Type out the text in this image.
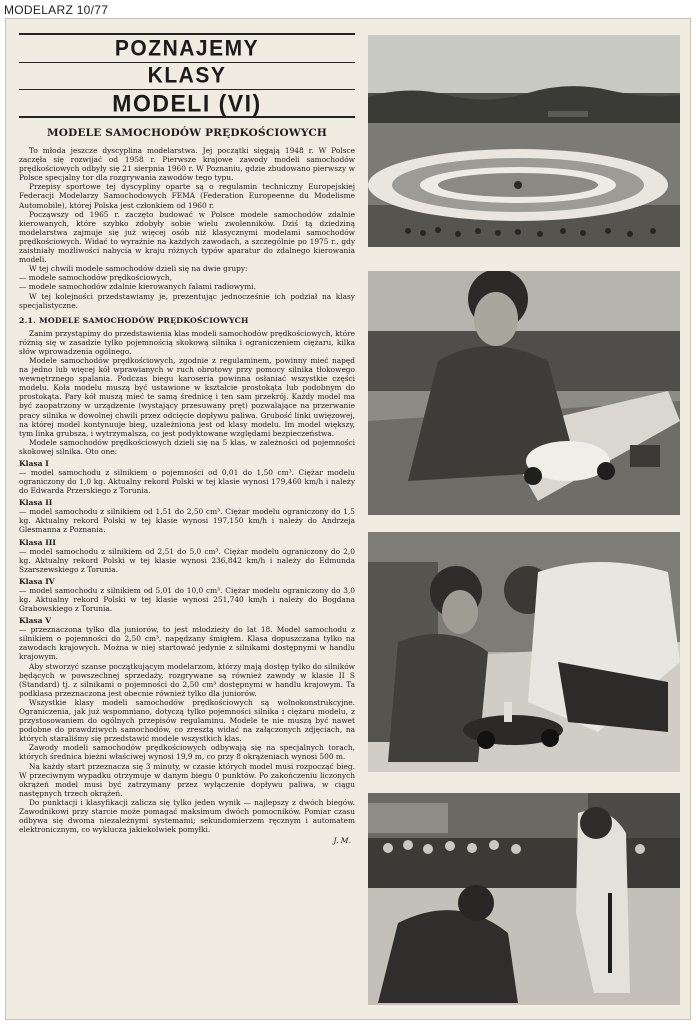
MODELARZ 10/77
POZNAJEMY
KLASY
MODELI (VI)
MODELE SAMOCHODÓW PRĘDKOŚCIOWYCH

To młoda jeszcze dyscyplina modelarstwa. Jej początki sięgają 1948 r. W Polsce zaczęła się rozwijać od 1958 r. Pierwsze krajowe zawody modeli samochodów prędkościowych odbyły się 21 sierpnia 1960 r. W Poznaniu, gdzie zbudowano pierwszy w Polsce specjalny tor dla rozgrywania zawodów tego typu.

Przepisy sportowe tej dyscypliny oparte są o regulamin techniczny Europejskiej Federacji Modelarzy Samochodowych FEMA (Federation Europeenne du Modelisme Automobile), której Polska jest członkiem od 1960 r.

Począwszy od 1965 r. zaczęto budować w Polsce modele samochodów zdalnie kierowanych, które szybko zdobyły sobie wielu zwolenników. Dziś tą dziedziną modelarstwa zajmuje się już więcej osób niż klasycznymi modelami samochodów prędkościowych. Widać to wyraźnie na każdych zawodach, a szczególnie po 1975 r., gdy zaistniały możliwości nabycia w kraju różnych typów aparatur do zdalnego kierowania modeli.

W tej chwili modele samochodów dzieli się na dwie grupy:

— modele samochodów prędkościowych,

— modele samochodów zdalnie kierowanych falami radiowymi.

W tej kolejności przedstawiamy je, prezentując jednocześnie ich podział na klasy specjalistyczne.

2.1. MODELE SAMOCHODÓW PRĘDKOŚCIOWYCH

Zanim przystąpimy do przedstawienia klas modeli samochodów prędkościowych, które różnią się w zasadzie tylko pojemnością skokową silnika i ograniczeniem ciężaru, kilka słów wprowadzenia ogólnego.

Modele samochodów prędkościowych, zgodnie z regulaminem, powinny mieć napęd na jedno lub więcej kół wprawianych w ruch obrotowy przy pomocy silnika tłokowego wewnętrznego spalania. Podczas biegu karoseria powinna osłaniać wszystkie części modelu. Koła modelu muszą być ustawione w kształcie prostokąta lub podobnym do prostokąta. Pary kół muszą mieć te samą średnicę i ten sam przekrój. Każdy model ma być zaopatrzony w urządzenie (wystający przesuwany pręt) pozwalające na przerwanie pracy silnika w dowolnej chwili przez odcięcie dopływu paliwa. Grubość linki uwięzowej, na której model kontynuuje bieg, uzależniona jest od klasy modelu. Im model większy, tym linka grubsza, i wytrzymalsza, co jest podyktowane względami bezpieczeństwa.

Modele samochodów prędkościowych dzieli się na 5 klas, w zależności od pojemności skokowej silnika. Oto one:

Klasa I

— model samochodu z silnikiem o pojemności od 0,01 do 1,50 cm³. Ciężar modelu ograniczony do 1,0 kg. Aktualny rekord Polski w tej klasie wynosi 179,460 km/h i należy do Edwarda Przerskiego z Torunia.

Klasa II

— model samochodu z silnikiem od 1,51 do 2,50 cm³. Ciężar modelu ograniczony do 1,5 kg. Aktualny rekord Polski w tej klasie wynosi 197,150 km/h i należy do Andrzeja Glesmanna z Poznania.

Klasa III

— model samochodu z silnikiem od 2,51 do 5,0 cm³. Ciężar modelu ograniczony do 2,0 kg. Aktualny rekord Polski w tej klasie wynosi 236,842 km/h i należy do Edmunda Szarszewskiego z Torunia.

Klasa IV

— model samochodu z silnikiem od 5,01 do 10,0 cm³. Ciężar modelu ograniczony do 3,0 kg. Aktualny rekord Polski w tej klasie wynosi 251,740 km/h i należy do Bogdana Grabowskiego z Torunia.

Klasa V

— przeznaczona tylko dla juniorów, to jest młodzieży do lat 18. Model samochodu z silnikiem o pojemności do 2,50 cm³, napędzany śmigłem. Klasa dopuszczana tylko na zawodach krajowych. Można w niej startować jedynie z silnikami dostępnymi w handlu krajowym.

Aby stworzyć szanse początkującym modelarzom, którzy mają dostęp tylko do silników będących w powszechnej sprzedaży, rozgrywane są również zawody w klasie II S (Standard) tj. z silnikami o pojemności do 2,50 cm³ dostępnymi w handlu krajowym. Ta podklasa przeznaczona jest obecnie również tylko dla juniorów.

Wszystkie klasy modeli samochodów prędkościowych są wolnokonstrukcyjne. Ograniczenia, jak już wspomniano, dotyczą tylko pojemności silnika i ciężaru modelu, z przystosowaniem do ogólnych przepisów regulaminu. Modele te nie muszą być nawet podobne do prawdziwych samochodów, co zresztą widać na załączonych zdjęciach, na których staraliśmy się przedstawić modele wszystkich klas.

Zawody modeli samochodów prędkościowych odbywają się na specjalnych torach, których średnica bieżni właściwej wynosi 19,9 m, co przy 8 okrążeniach wynosi 500 m.

Na każdy start przeznacza się 3 minuty, w czasie których model musi rozpocząć bieg. W przeciwnym wypadku otrzymuje w danym biegu 0 punktów. Po zakończeniu liczonych okrążeń model musi być zatrzymany przez wyłączenie dopływu paliwa, w ciągu następnych trzech okrążeń.

Do punktacji i klasyfikacji zalicza się tylko jeden wynik — najlepszy z dwóch biegów. Zawodnikowi przy starcie może pomagać maksimum dwóch pomocników. Pomiar czasu odbywa się dwoma niezależnymi systemami; sekundomierzem ręcznym i automatem elektronicznym, co wyklucza jakiekolwiek pomyłki.

J. M.
